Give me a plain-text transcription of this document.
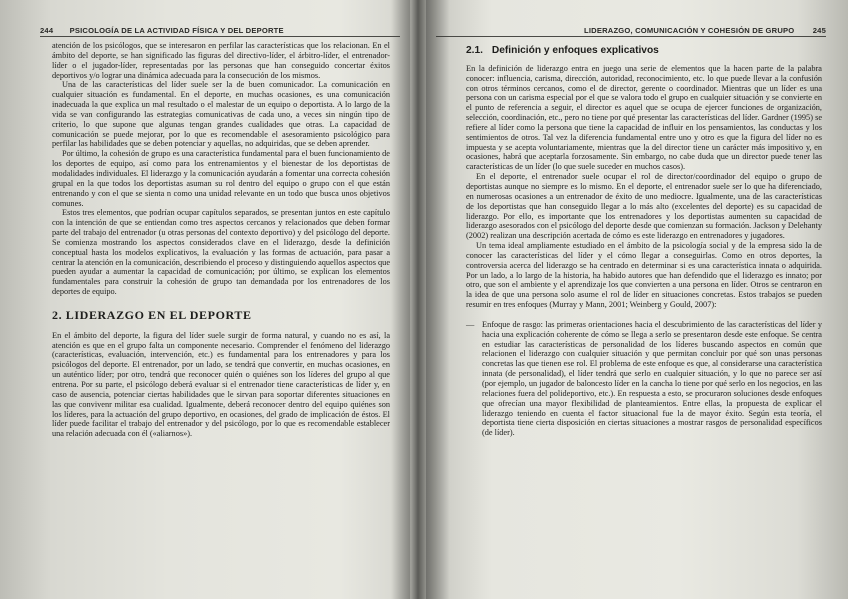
244 PSICOLOGÍA DE LA ACTIVIDAD FÍSICA Y DEL DEPORTE

atención de los psicólogos, que se interesaron en perfilar las características que los relacionan. En el ámbito del deporte, se han significado las figuras del directivo-líder, el árbitro-líder, el entrenador-líder o el jugador-líder, representadas por las personas que han conseguido concertar éxitos deportivos y/o lograr una dinámica adecuada para la consecución de los mismos.

Una de las características del líder suele ser la de buen comunicador. La comunicación en cualquier situación es fundamental. En el deporte, en muchas ocasiones, es una comunicación inadecuada la que explica un mal resultado o el malestar de un equipo o deportista. A lo largo de la vida se van configurando las estrategias comunicativas de cada uno, a veces sin ningún tipo de criterio, lo que supone que algunas tengan grandes cualidades que otras. La capacidad de comunicación se puede mejorar, por lo que es recomendable el asesoramiento psicológico para perfilar las habilidades que se deben potenciar y aquellas, no adquiridas, que se deben aprender.

Por último, la cohesión de grupo es una característica fundamental para el buen funcionamiento de los deportes de equipo, así como para los entrenamientos y el bienestar de los deportistas de modalidades individuales. El liderazgo y la comunicación ayudarán a fomentar una correcta cohesión grupal en la que todos los deportistas asuman su rol dentro del equipo o grupo con el que están entrenando y con el que se sienta n como una unidad relevante en un todo que busca unos objetivos comunes.

Estos tres elementos, que podrían ocupar capítulos separados, se presentan juntos en este capítulo con la intención de que se entiendan como tres aspectos cercanos y relacionados que deben formar parte del trabajo del entrenador (u otras personas del contexto deportivo) y del psicólogo del deporte. Se comienza mostrando los aspectos considerados clave en el liderazgo, desde la definición conceptual hasta los modelos explicativos, la evaluación y las formas de actuación, para pasar a centrar la atención en la comunicación, describiendo el proceso y distinguiendo aquellos aspectos que pueden ayudar a aumentar la capacidad de comunicación; por último, se explican los elementos fundamentales para construir la cohesión de grupo tan demandada por los entrenadores de los deportes de equipo.

2. LIDERAZGO EN EL DEPORTE

En el ámbito del deporte, la figura del líder suele surgir de forma natural, y cuando no es así, la atención es que en el grupo falta un componente necesario. Comprender el fenómeno del liderazgo (características, evaluación, intervención, etc.) es fundamental para los entrenadores y para los psicólogos del deporte. El entrenador, por un lado, se tendrá que convertir, en muchas ocasiones, en un auténtico líder; por otro, tendrá que reconocer quién o quiénes son los líderes del grupo al que entrena. Por su parte, el psicólogo deberá evaluar si el entrenador tiene características de líder y, en caso de ausencia, potenciar ciertas habilidades que le sirvan para soportar diferentes situaciones en las que convivenr militar esa cualidad. Igualmente, deberá reconocer dentro del equipo quiénes son los líderes, para la actuación del grupo deportivo, en ocasiones, del grado de implicación de éstos. El líder puede facilitar el trabajo del entrenador y del psicólogo, por lo que es recomendable establecer una relación adecuada con él («aliarnos»).

LIDERAZGO, COMUNICACIÓN Y COHESIÓN DE GRUPO 245
2.1. Definición y enfoques explicativos

En la definición de liderazgo entra en juego una serie de elementos que la hacen parte de la palabra conocer: influencia, carisma, dirección, autoridad, reconocimiento, etc. lo que puede llevar a la confusión con otros términos cercanos, como el de director, gerente o coordinador. Mientras que un líder es una persona con un carisma especial por el que se valora todo el grupo en cualquier situación y se convierte en el punto de referencia a seguir, el director es aquel que se ocupa de ejercer funciones de organización, selección, coordinación, etc., pero no tiene por qué presentar las características del líder. Gardner (1995) se refiere al líder como la persona que tiene la capacidad de influir en los pensamientos, las conductas y los sentimientos de otros. Tal vez la diferencia fundamental entre uno y otro es que la figura del líder no es impuesta y se acepta voluntariamente, mientras que la del director tiene un carácter más impositivo y, en ocasiones, habrá que aceptarla forzosamente. Sin embargo, no cabe duda que un director puede tener las características de un líder (lo que suele suceder en muchos casos).

En el deporte, el entrenador suele ocupar el rol de director/coordinador del equipo o grupo de deportistas aunque no siempre es lo mismo. En el deporte, el entrenador suele ser lo que ha diferenciado, en numerosas ocasiones a un entrenador de éxito de uno mediocre. Igualmente, una de las características de los deportistas que han conseguido llegar a lo más alto (excelentes del deporte) es su capacidad de liderazgo. Por ello, es importante que los entrenadores y los deportistas aumenten su capacidad de liderazgo asesorados con el psicólogo del deporte desde que comienzan su formación. Jackson y Delehanty (2002) realizan una descripción acertada de cómo es este liderazgo en entrenadores y jugadores.

Un tema ideal ampliamente estudiado en el ámbito de la psicología social y de la empresa sido la de conocer las características del líder y el cómo llegar a conseguirlas. Como en otros deportes, la controversia acerca del liderazgo se ha centrado en determinar si es una característica innata o adquirida. Por un lado, a lo largo de la historia, ha habido autores que han defendido que el liderazgo es innato; por otro, que son el ambiente y el aprendizaje los que convierten a una persona en líder. Otros se centraron en la idea de que una persona solo asume el rol de líder en situaciones concretas. Estos trabajos se pueden resumir en tres enfoques (Murray y Mann, 2001; Weinberg y Gould, 2007):

— Enfoque de rasgo: las primeras orientaciones hacia el descubrimiento de las características del líder y hacia una explicación coherente de cómo se llega a serlo se presentaron desde este enfoque. Se centra en estudiar las características de personalidad de los líderes buscando aspectos en común que relacionen el liderazgo con cualquier situación y que permitan concluir por qué son unas personas concretas las que tienen ese rol. El problema de este enfoque es que, al considerarse una característica innata (de personalidad), el líder tendrá que serlo en cualquier situación, y lo que no parece ser así (por ejemplo, un jugador de baloncesto líder en la cancha lo tiene por qué serlo en los negocios, en las relaciones fuera del polideportivo, etc.). En respuesta a esto, se procuraron soluciones desde enfoques que ofrecían una mayor flexibilidad de planteamientos. Entre ellas, la propuesta de explicar el liderazgo teniendo en cuenta el factor situacional fue la de mayor éxito. Según esta teoría, el deportista tiene cierta disposición en ciertas situaciones a mostrar rasgos de personalidad específicos (de líder).
